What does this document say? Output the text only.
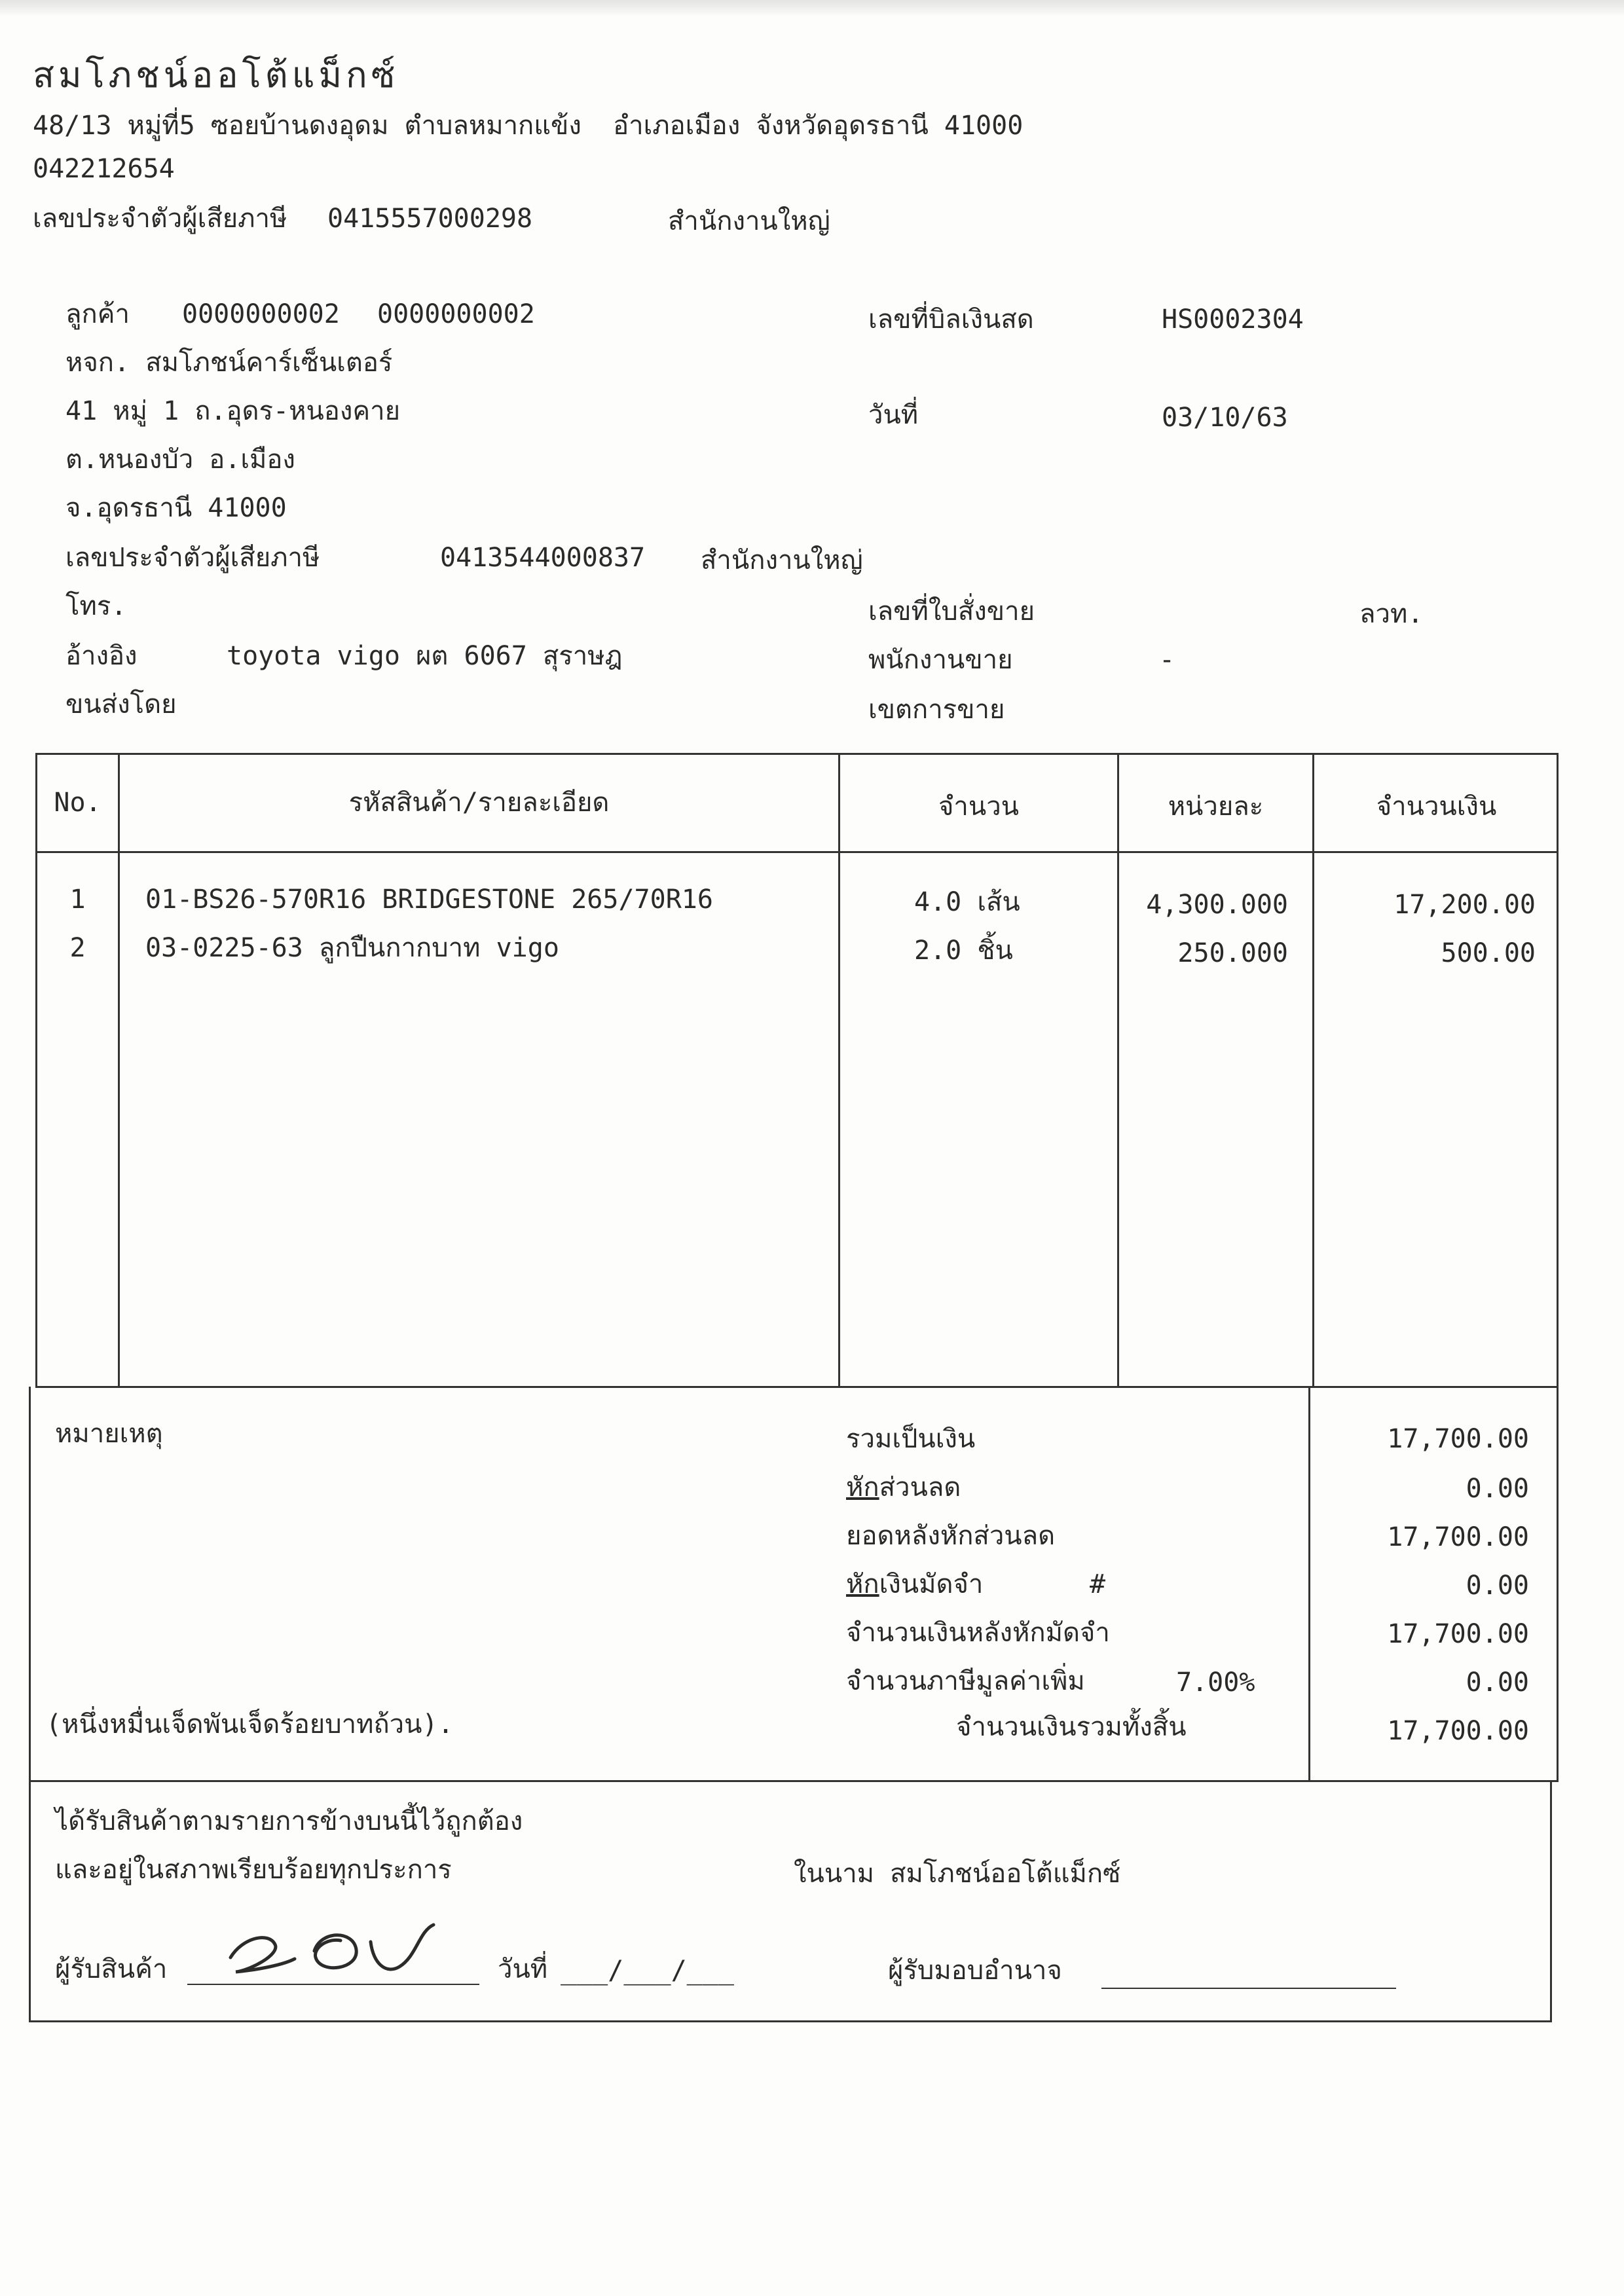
สมโภชน์ออโต้แม็กซ์
48/13 หมู่ที่5 ซอยบ้านดงอุดม ตำบลหมากแข้ง  อำเภอเมือง จังหวัดอุดรธานี 41000
042212654
เลขประจำตัวผู้เสียภาษี 0415557000298	สำนักงานใหญ่
ลูกค้า 0000000002 0000000002
หจก. สมโภชน์คาร์เซ็นเตอร์
41 หมู่ 1 ถ.อุดร-หนองคาย
ต.หนองบัว อ.เมือง
จ.อุดรธานี 41000
เลขประจำตัวผู้เสียภาษี	0413544000837 สำนักงานใหญ่
โทร.
อ้างอิง	toyota vigo ผต 6067 สุราษฎ
ขนส่งโดย
เลขที่บิลเงินสด	HS0002304
วันที่	03/10/63
เลขที่ใบสั่งขาย	ลวท.
พนักงานขาย	-
เขตการขาย
No.	รหัสสินค้า/รายละเอียด	จำนวน	หน่วยละ	จำนวนเงิน
1	01-BS26-570R16 BRIDGESTONE 265/70R16	4.0 เส้น	4,300.000	17,200.00
2	03-0225-63 ลูกปืนกากบาท vigo	2.0 ชิ้น	250.000	500.00
หมายเหตุ	รวมเป็นเงิน	17,700.00
หักส่วนลด	0.00
ยอดหลังหักส่วนลด	17,700.00
หักเงินมัดจำ	#	0.00
จำนวนเงินหลังหักมัดจำ	17,700.00
จำนวนภาษีมูลค่าเพิ่ม	7.00%	0.00
(หนึ่งหมื่นเจ็ดพันเจ็ดร้อยบาทถ้วน).	จำนวนเงินรวมทั้งสิ้น	17,700.00
ได้รับสินค้าตามรายการข้างบนนี้ไว้ถูกต้อง
และอยู่ในสภาพเรียบร้อยทุกประการ	ในนาม สมโภชน์ออโต้แม็กซ์
ผู้รับสินค้า	วันที่ ___/___/___	ผู้รับมอบอำนาจ
